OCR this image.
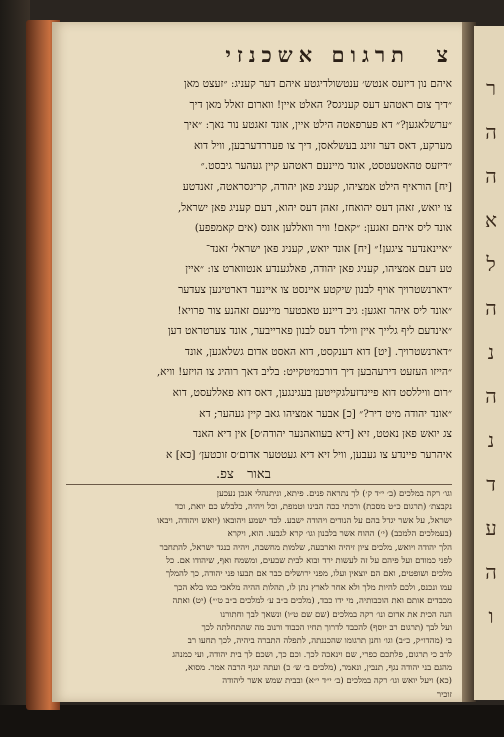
תרגום אשכנזי צ
איהם נון דיזעס אנטש׳ ענטשולדיגטע איהם דער קעניג: ״זעצט מאן
״דיך צום ראטהע דעס קעניגס? האלט איין! ווארום זאלל מאן דיך
״ערשלאגען?״ דא פערפאטה הילט איין, אונד זאגטע נור נאך: ״איך
מערקע, דאס דער זוינג בעשלאסן, דיך צו פעררדערבען, וויל דוא
״דיזעס טהאטעטסט, אונד מיינעם ראטהע קיין געהער גיבסט.״
[יח] הוראיף הילט אמציהו, קעניג פאן יהודה, קריגסראטה, זאנדטע
צו יואש, זאהן דעס יהואחז, זאהן דעס יהוא, דעם קעניג פאן ישראל,
אונד ליס איהם זאגען: ״קאם! וויר וואללען אונס (אים קאמפפע)
״איינאנדער ציגען!״ [יח] אונד יואש, קעניג פאן ישראל׳ זאנד־
טע דעם אמציהו, קעניג פאן יהודה, פאלגענדע אנטווארט צו: ״איין
״דארנשטרויך אויף לבנון שיקטע איינסט צו איינער דארטיגען צעדער
״אונד ליס איהר זאגען: גיב דיינע טאכטער מיינעם זאהנע צור פרויא!
״אינדעם ליף גלייך איין ווילד דעס לבנון פארייבער, אונד צערטראט דען
״דארנשטרויך. [יט] דוא דענקסט, דוא האסט אדום גשלאגען, אונד
״הייזו העזעט דירעהבען דיך דורכמיטקייט: בליב דאך רוהיג צו הויזע! וויא,
״רום וויללסט דוא פיינדזעלגקייטען בעגינגען, דאס דוא פאללעסט, דוא
״אונד יהודה מיט דיר?״ [כ] אבער אמציהו גאב קיין געהער; דא
צג יואש פאן נאטט, זיא [דיא בעוואהנער יהודה׳ס] אין דיא האנד
איהרער פיינדע צו געבען, וויל זיא דיא געטטער אדום׳ס זוכטען׳ [כא] א
באור
צפ.
וגו׳ רקה במלכים (ב׳ י״ד ק׳) לך נתראה פנים. פיתא, וניתנהלי אנכן נעכען
נקבצת׳ (תרגום כ״ט מסכת) ורכתי ככה הבינו וטמפת, וכל ויהיה, כלבלש כם יואת, וכד
ישראל, על אשר יגדל בהם על הנודים ויהודה ישבע. לכד ישמע ויהובאו (יואש ויהודה, ויבאו
(בעמלכים הלמכב) (י׳) ההוח אשר בלבנון וגו׳ קרא לגבעו. הוא, ויקרא
הלך יהודה ויואש, מלכים ציון זיהיה וארבעה, שלמות מחשבה, ויהיה כנגד ישראל, להתחבר
לפני כמודם ועל פיהם על זה לעשות ירד ובוא לבית שבעים, ומשמח ואף, שיהודו אם. כל
מלכים ושופטים, ואם הם יוצאין ועלו, מפני ירושלים כבר אם תבעו פני יהודה, כך להמלך
עמו ונכנס, ולכם להיות מלך ולא אחר לארץ נתן לו, תהלות ההיה מלאכי כמו בלא הכך
מכבדים אותם ואת הוכבותיה, מי ידו כבד, (מלכים ב״ב ע׳ למלכים ב״ב ט׳״) (יט) ואתה
הנה הכית את אדום ונו׳ רקה במלכים (שם שם ט״ו) ונשאך לבך וחתורנו
ועל לבך (תרגום רב יוסף) להכבד לדרוך תחיו הכבוד ורנוב מה שהתחלתה לכך
בי (מהדו״ק, כ״ב) וגו׳ וחנן תרגומו שהכננתה, לתפלה התברה ביהיה, לכך תחעו רב
לרב כי תרגום, פלתכם כפרי, שם וינאכה לכך. וכם כך, ושכם לך בית יהודה, ועי כמנהג
מהגם בני יהודה נגף, תנבין, ונאמר, (מלכים ב׳ ש׳ כ) ועתה ינגף הרבה אמר. מסוא,
(כא) ויעל יואש וגו׳ רקה במלכים (ב׳ י״ד י״א) ובבית שמש אשר ליהודה
זוכיר
ר
ה
ה
א
ל
ה
נ
ה
נ
ד
ע
ה
ו
